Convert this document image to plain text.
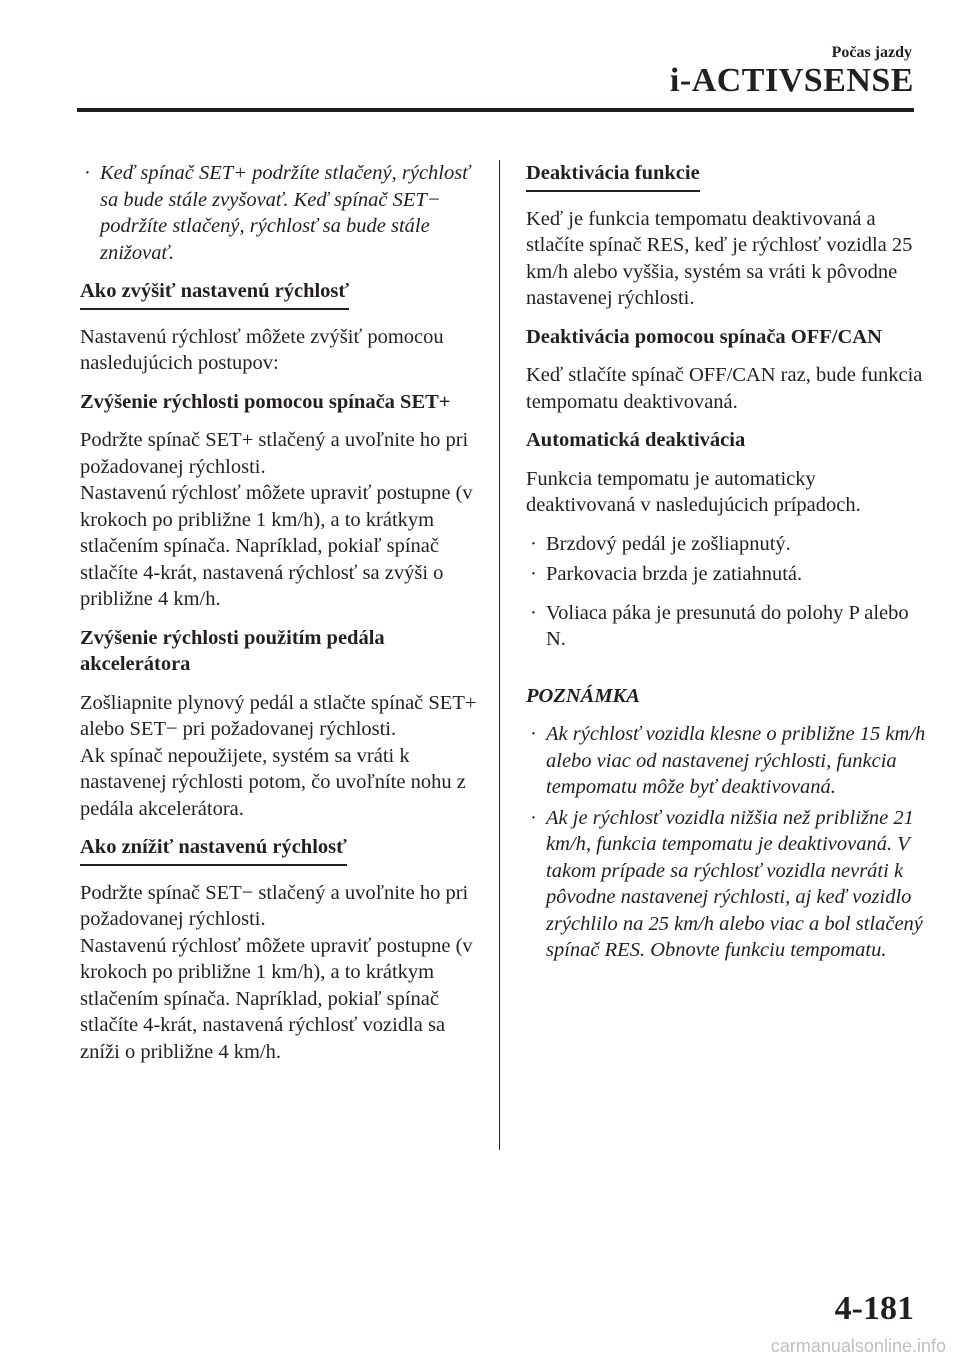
Počas jazdy
i-ACTIVSENSE
· Keď spínač SET+ podržíte stlačený, rýchlosť sa bude stále zvyšovať. Keď spínač SET− podržíte stlačený, rýchlosť sa bude stále znižovať.
Ako zvýšiť nastavenú rýchlosť

Nastavenú rýchlosť môžete zvýšiť pomocou nasledujúcich postupov:

Zvýšenie rýchlosti pomocou spínača SET+

Podržte spínač SET+ stlačený a uvoľnite ho pri požadovanej rýchlosti.

Nastavenú rýchlosť môžete upraviť postupne (v krokoch po približne 1 km/h), a to krátkym stlačením spínača. Napríklad, pokiaľ spínač stlačíte 4-krát, nastavená rýchlosť sa zvýši o približne 4 km/h.

Zvýšenie rýchlosti použitím pedála akcelerátora

Zošliapnite plynový pedál a stlačte spínač SET+ alebo SET− pri požadovanej rýchlosti.

Ak spínač nepoužijete, systém sa vráti k nastavenej rýchlosti potom, čo uvoľníte nohu z pedála akcelerátora.

Ako znížiť nastavenú rýchlosť

Podržte spínač SET− stlačený a uvoľnite ho pri požadovanej rýchlosti.

Nastavenú rýchlosť môžete upraviť postupne (v krokoch po približne 1 km/h), a to krátkym stlačením spínača. Napríklad, pokiaľ spínač stlačíte 4-krát, nastavená rýchlosť vozidla sa zníži o približne 4 km/h.

Deaktivácia funkcie

Keď je funkcia tempomatu deaktivovaná a stlačíte spínač RES, keď je rýchlosť vozidla 25 km/h alebo vyššia, systém sa vráti k pôvodne nastavenej rýchlosti.

Deaktivácia pomocou spínača OFF/CAN

Keď stlačíte spínač OFF/CAN raz, bude funkcia tempomatu deaktivovaná.

Automatická deaktivácia

Funkcia tempomatu je automaticky deaktivovaná v nasledujúcich prípadoch.

· Brzdový pedál je zošliapnutý.
· Parkovacia brzda je zatiahnutá.
· Voliaca páka je presunutá do polohy P alebo N.
POZNÁMKA
· Ak rýchlosť vozidla klesne o približne 15 km/h alebo viac od nastavenej rýchlosti, funkcia tempomatu môže byť deaktivovaná.
· Ak je rýchlosť vozidla nižšia než približne 21 km/h, funkcia tempomatu je deaktivovaná. V takom prípade sa rýchlosť vozidla nevráti k pôvodne nastavenej rýchlosti, aj keď vozidlo zrýchlilo na 25 km/h alebo viac a bol stlačený spínač RES. Obnovte funkciu tempomatu.
4-181
carmanualsonline.info
